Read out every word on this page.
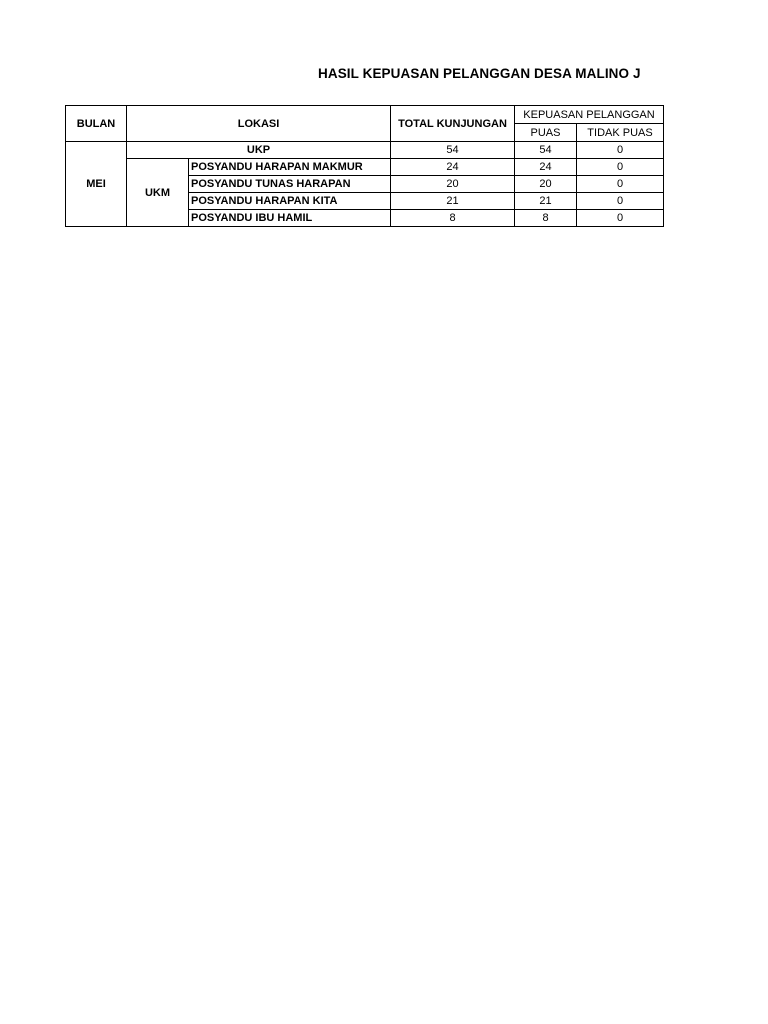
HASIL KEPUASAN PELANGGAN DESA MALINO J
BULAN	LOKASI		TOTAL KUNJUNGAN	KEPUASAN PELANGGAN	
				PUAS	TIDAK PUAS
MEI	UKP		54	54	0
	UKM	POSYANDU HARAPAN MAKMUR	24	24	0
		POSYANDU TUNAS HARAPAN	20	20	0
		POSYANDU HARAPAN KITA	21	21	0
		POSYANDU IBU HAMIL	8	8	0
